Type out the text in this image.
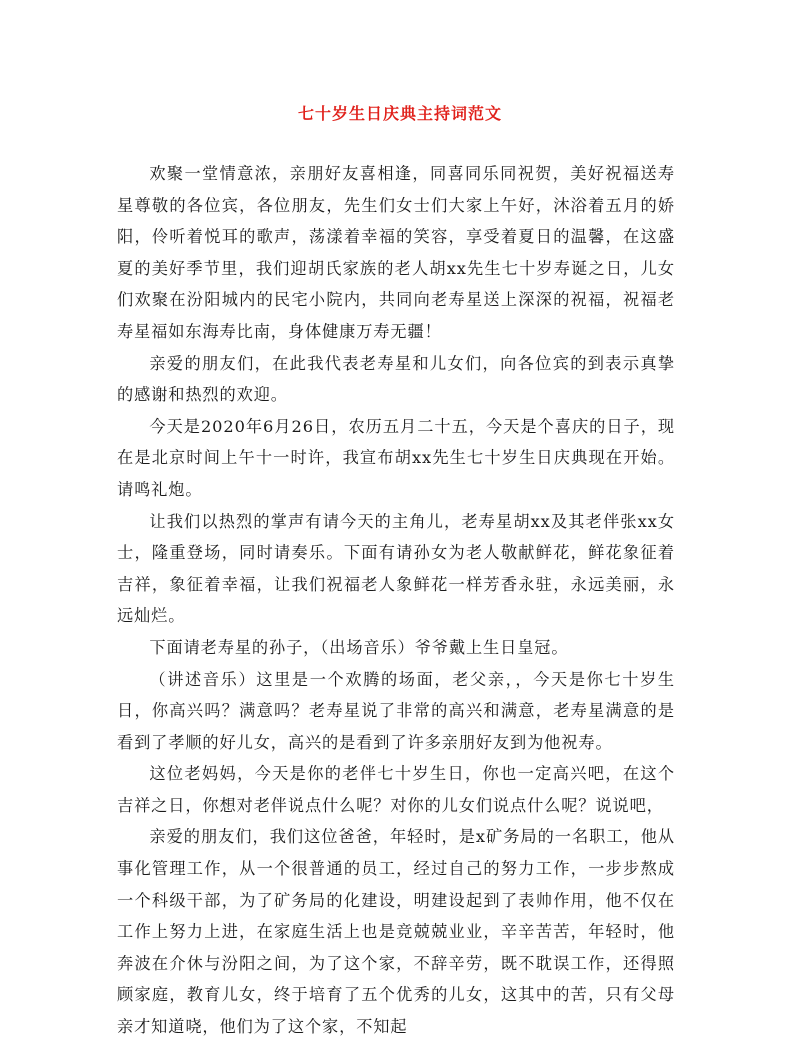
七十岁生日庆典主持词范文

欢聚一堂情意浓，亲朋好友喜相逢，同喜同乐同祝贺，美好祝福送寿星尊敬的各位宾，各位朋友，先生们女士们大家上午好，沐浴着五月的娇阳，伶听着悦耳的歌声，荡漾着幸福的笑容，享受着夏日的温馨，在这盛夏的美好季节里，我们迎胡氏家族的老人胡xx先生七十岁寿诞之日，儿女们欢聚在汾阳城内的民宅小院内，共同向老寿星送上深深的祝福，祝福老寿星福如东海寿比南，身体健康万寿无疆！

亲爱的朋友们，在此我代表老寿星和儿女们，向各位宾的到表示真挚的感谢和热烈的欢迎。

今天是2020年6月26日，农历五月二十五，今天是个喜庆的日子，现在是北京时间上午十一时许，我宣布胡xx先生七十岁生日庆典现在开始。请鸣礼炮。

让我们以热烈的掌声有请今天的主角儿，老寿星胡xx及其老伴张xx女士，隆重登场，同时请奏乐。下面有请孙女为老人敬献鲜花，鲜花象征着吉祥，象征着幸福，让我们祝福老人象鲜花一样芳香永驻，永远美丽，永远灿烂。

下面请老寿星的孙子，（出场音乐）爷爷戴上生日皇冠。

（讲述音乐）这里是一个欢腾的场面，老父亲，，今天是你七十岁生日，你高兴吗？满意吗？老寿星说了非常的高兴和满意，老寿星满意的是看到了孝顺的好儿女，高兴的是看到了许多亲朋好友到为他祝寿。

这位老妈妈，今天是你的老伴七十岁生日，你也一定高兴吧，在这个吉祥之日，你想对老伴说点什么呢？对你的儿女们说点什么呢？说说吧，

亲爱的朋友们，我们这位爸爸，年轻时，是x矿务局的一名职工，他从事化管理工作，从一个很普通的员工，经过自己的努力工作，一步步熬成一个科级干部，为了矿务局的化建设，明建设起到了表帅作用，他不仅在工作上努力上进，在家庭生活上也是竞兢兢业业，辛辛苦苦，年轻时，他奔波在介休与汾阳之间，为了这个家，不辞辛劳，既不耽误工作，还得照顾家庭，教育儿女，终于培育了五个优秀的儿女，这其中的苦，只有父母亲才知道哓，他们为了这个家，不知起
